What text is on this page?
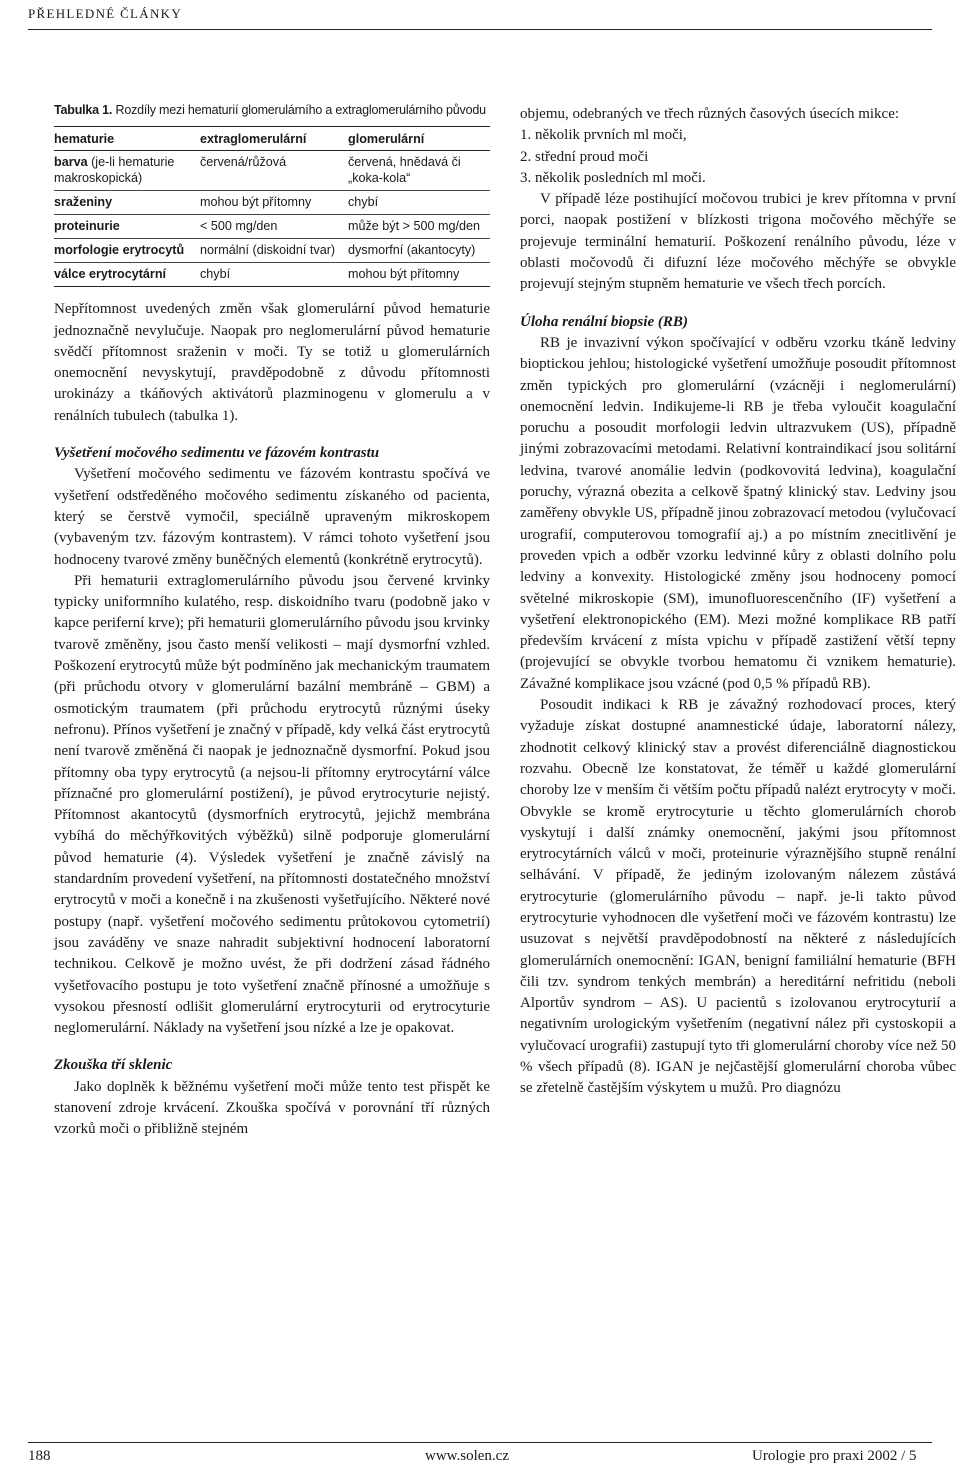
PŘEHLEDNÉ ČLÁNKY
Tabulka 1. Rozdíly mezi hematurií glomerulárního a extraglomerulárního původu
hematurie	extraglomerulární	glomerulární
barva (je-li hematurie makroskopická)	červená/růžová	červená, hnědavá či „koka-kola“
sraženiny	mohou být přítomny	chybí
proteinurie	< 500 mg/den	může být > 500 mg/den
morfologie erytrocytů	normální (diskoidní tvar)	dysmorfní (akantocyty)
válce erytrocytární	chybí	mohou být přítomny

Nepřítomnost uvedených změn však glomerulární původ hematurie jednoznačně nevylučuje. Naopak pro neglomerulární původ hematurie svědčí přítomnost sraženin v moči. Ty se totiž u glomerulárních onemocnění nevyskytují, pravděpodobně z důvodu přítomnosti urokinázy a tkáňových aktivátorů plazminogenu v glomerulu a v renálních tubulech (tabulka 1).

Vyšetření močového sedimentu ve fázovém kontrastu

Vyšetření močového sedimentu ve fázovém kontrastu spočívá ve vyšetření odstředěného močového sedimentu získaného od pacienta, který se čerstvě vymočil, speciálně upraveným mikroskopem (vybaveným tzv. fázovým kontrastem). V rámci tohoto vyšetření jsou hodnoceny tvarové změny buněčných elementů (konkrétně erytrocytů).

Při hematurii extraglomerulárního původu jsou červené krvinky typicky uniformního kulatého, resp. diskoidního tvaru (podobně jako v kapce periferní krve); při hematurii glomerulárního původu jsou krvinky tvarově změněny, jsou často menší velikosti – mají dysmorfní vzhled. Poškození erytrocytů může být podmíněno jak mechanickým traumatem (při průchodu otvory v glomerulární bazální membráně – GBM) a osmotickým traumatem (při průchodu erytrocytů různými úseky nefronu). Přínos vyšetření je značný v případě, kdy velká část erytrocytů není tvarově změněná či naopak je jednoznačně dysmorfní. Pokud jsou přítomny oba typy erytrocytů (a nejsou-li přítomny erytrocytární válce příznačné pro glomerulární postižení), je původ erytrocyturie nejistý. Přítomnost akantocytů (dysmorfních erytrocytů, jejichž membrána vybíhá do měchýřkovitých výběžků) silně podporuje glomerulární původ hematurie (4). Výsledek vyšetření je značně závislý na standardním provedení vyšetření, na přítomnosti dostatečného množství erytrocytů v moči a konečně i na zkušenosti vyšetřujícího. Některé nové postupy (např. vyšetření močového sedimentu průtokovou cytometrií) jsou zaváděny ve snaze nahradit subjektivní hodnocení laboratorní technikou. Celkově je možno uvést, že při dodržení zásad řádného vyšetřovacího postupu je toto vyšetření značně přínosné a umožňuje s vysokou přesností odlišit glomerulární erytrocyturii od erytrocyturie neglomerulární. Náklady na vyšetření jsou nízké a lze je opakovat.

Zkouška tří sklenic

Jako doplněk k běžnému vyšetření moči může tento test přispět ke stanovení zdroje krvácení. Zkouška spočívá v porovnání tří různých vzorků moči o přibližně stejném

objemu, odebraných ve třech různých časových úsecích mikce:

1. několik prvních ml moči,

2. střední proud moči

3. několik posledních ml moči.

V případě léze postihující močovou trubici je krev přítomna v první porci, naopak postižení v blízkosti trigona močového měchýře se projevuje terminální hematurií. Poškození renálního původu, léze v oblasti močovodů či difuzní léze močového měchýře se obvykle projevují stejným stupněm hematurie ve všech třech porcích.

Úloha renální biopsie (RB)

RB je invazivní výkon spočívající v odběru vzorku tkáně ledviny bioptickou jehlou; histologické vyšetření umožňuje posoudit přítomnost změn typických pro glomerulární (vzácněji i neglomerulární) onemocnění ledvin. Indikujeme-li RB je třeba vyloučit koagulační poruchu a posoudit morfologii ledvin ultrazvukem (US), případně jinými zobrazovacími metodami. Relativní kontraindikací jsou solitární ledvina, tvarové anomálie ledvin (podkovovitá ledvina), koagulační poruchy, výrazná obezita a celkově špatný klinický stav. Ledviny jsou zaměřeny obvykle US, případně jinou zobrazovací metodou (vylučovací urografií, computerovou tomografií aj.) a po místním znecitlivění je proveden vpich a odběr vzorku ledvinné kůry z oblasti dolního polu ledviny a konvexity. Histologické změny jsou hodnoceny pomocí světelné mikroskopie (SM), imunofluorescenčního (IF) vyšetření a vyšetření elektronopického (EM). Mezi možné komplikace RB patří především krvácení z místa vpichu v případě zastižení větší tepny (projevující se obvykle tvorbou hematomu či vznikem hematurie). Závažné komplikace jsou vzácné (pod 0,5 % případů RB).

Posoudit indikaci k RB je závažný rozhodovací proces, který vyžaduje získat dostupné anamnestické údaje, laboratorní nálezy, zhodnotit celkový klinický stav a provést diferenciálně diagnostickou rozvahu. Obecně lze konstatovat, že téměř u každé glomerulární choroby lze v menším či větším počtu případů nalézt erytrocyty v moči. Obvykle se kromě erytrocyturie u těchto glomerulárních chorob vyskytují i další známky onemocnění, jakými jsou přítomnost erytrocytárních válců v moči, proteinurie výraznějšího stupně renální selhávání. V případě, že jediným izolovaným nálezem zůstává erytrocyturie (glomerulárního původu – např. je-li takto původ erytrocyturie vyhodnocen dle vyšetření moči ve fázovém kontrastu) lze usuzovat s největší pravděpodobností na některé z následujících glomerulárních onemocnění: IGAN, benigní familiální hematurie (BFH čili tzv. syndrom tenkých membrán) a hereditární nefritidu (neboli Alportův syndrom – AS). U pacientů s izolovanou erytrocyturií a negativním urologickým vyšetřením (negativní nález při cystoskopii a vylučovací urografii) zastupují tyto tři glomerulární choroby více než 50 % všech případů (8). IGAN je nejčastější glomerulární choroba vůbec se zřetelně častějším výskytem u mužů. Pro diagnózu

188	www.solen.cz	Urologie pro praxi 2002 / 5
